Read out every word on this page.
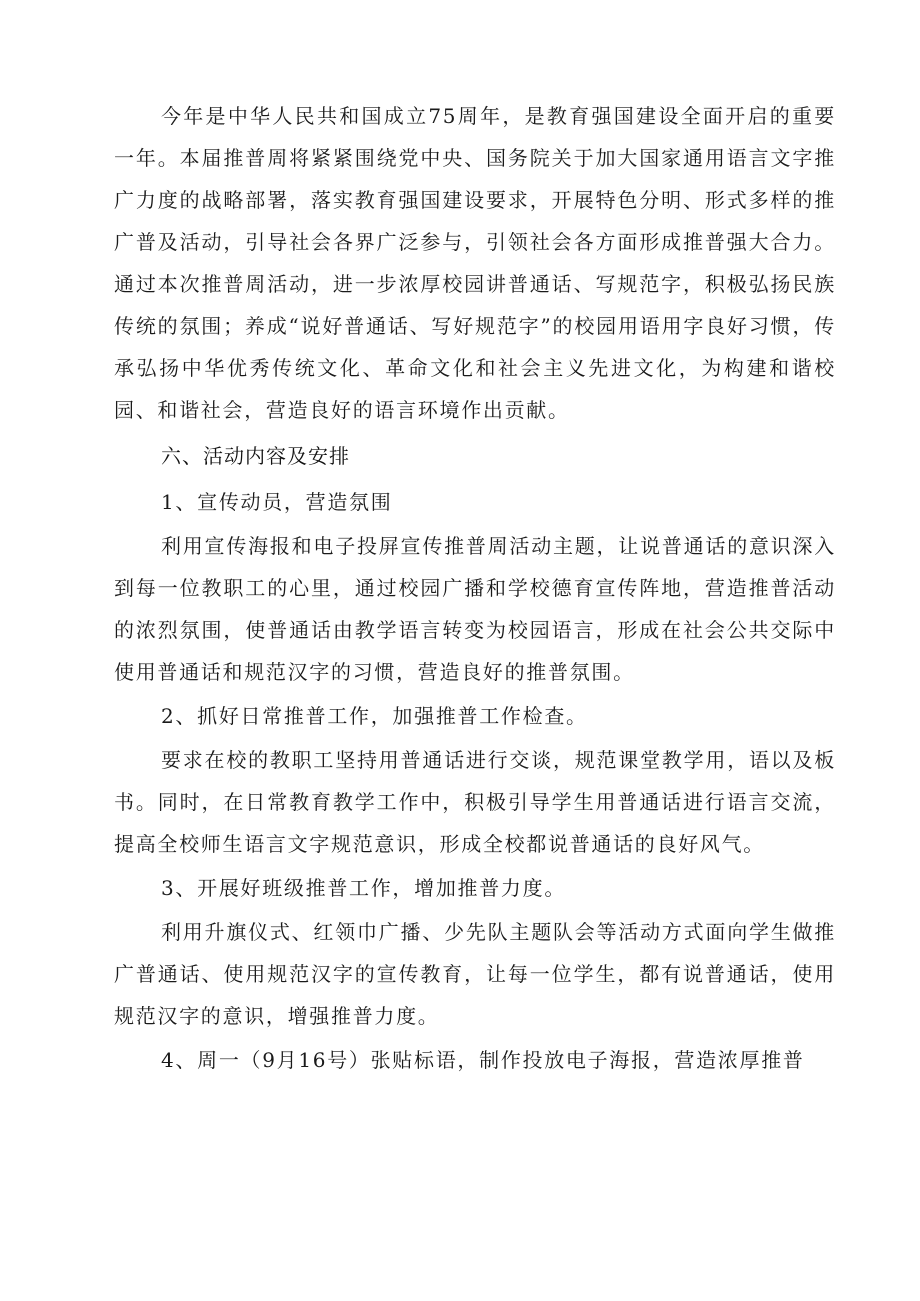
今年是中华人民共和国成立75周年，是教育强国建设全面开启的重要一年。本届推普周将紧紧围绕党中央、国务院关于加大国家通用语言文字推广力度的战略部署，落实教育强国建设要求，开展特色分明、形式多样的推广普及活动，引导社会各界广泛参与，引领社会各方面形成推普强大合力。通过本次推普周活动，进一步浓厚校园讲普通话、写规范字，积极弘扬民族传统的氛围；养成“说好普通话、写好规范字”的校园用语用字良好习惯，传承弘扬中华优秀传统文化、革命文化和社会主义先进文化，为构建和谐校园、和谐社会，营造良好的语言环境作出贡献。

六、活动内容及安排

1、宣传动员，营造氛围

利用宣传海报和电子投屏宣传推普周活动主题，让说普通话的意识深入到每一位教职工的心里，通过校园广播和学校德育宣传阵地，营造推普活动的浓烈氛围，使普通话由教学语言转变为校园语言，形成在社会公共交际中使用普通话和规范汉字的习惯，营造良好的推普氛围。

2、抓好日常推普工作，加强推普工作检查。

要求在校的教职工坚持用普通话进行交谈，规范课堂教学用，语以及板书。同时，在日常教育教学工作中，积极引导学生用普通话进行语言交流，提高全校师生语言文字规范意识，形成全校都说普通话的良好风气。

3、开展好班级推普工作，增加推普力度。

利用升旗仪式、红领巾广播、少先队主题队会等活动方式面向学生做推广普通话、使用规范汉字的宣传教育，让每一位学生，都有说普通话，使用规范汉字的意识，增强推普力度。

4、周一（9月16号）张贴标语，制作投放电子海报，营造浓厚推普
